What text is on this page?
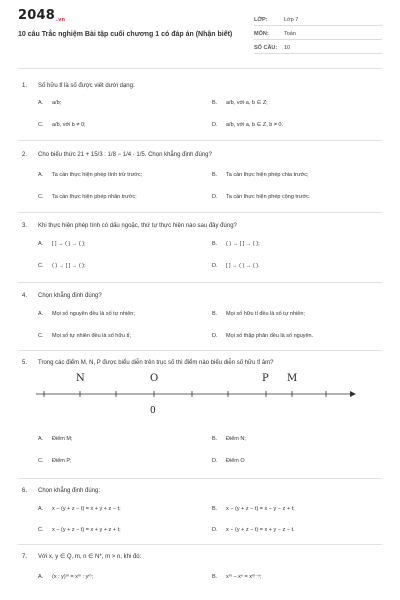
2048.vn
10 câu Trắc nghiệm Bài tập cuối chương 1 có đáp án (Nhận biết)
LỚP:	Lớp 7
MÔN:	Toán
SỐ CÂU: 10
1. Số hữu tỉ là số được viết dưới dạng:
A. a/b;	B. a/b, với a, b ∈ Z;
C. a/b, với b ≠ 0;	D. a/b, với a, b ∈ Z, b ≠ 0.
2. Cho biểu thức 21 + 15/3 : 1/8 − 1/4 · 1/5. Chọn khẳng định đúng?
A. Ta cần thực hiện phép tính trừ trước;	B. Ta cần thực hiện phép chia trước;
C. Ta cần thực hiện phép nhân trước;	D. Ta cần thực hiện phép cộng trước.
3. Khi thực hiện phép tính có dấu ngoặc, thứ tự thực hiện nào sau đây đúng?
A. [ ] → ( ) → { };	B. ( ) → [ ] → { };
C. ( ) → [ ] → ( );	D. [ ] → ( ) → ( ).
4. Chọn khẳng định đúng?
A. Mọi số nguyên đều là số tự nhiên;	B. Mọi số hữu tỉ đều là số tự nhiên;
C. Mọi số tự nhiên đều là số hữu tỉ;	D. Mọi số thập phân đều là số nguyên.
5. Trong các điểm M, N, P được biểu diễn trên trục số thì điểm nào biểu diễn số hữu tỉ âm?
N	O	P M
0
A. Điểm M;	B. Điểm N;
C. Điểm P;	D. Điểm O
6. Chọn khẳng định đúng:
A. x − (y + z − t) = x + y + z − t;	B. x − (y + z − t) = x − y − z + t;
C. x − (y + z − t) = x + y + z + t;	D. x − (y + z − t) = x + y − z − t.
7. Với x, y ∈ Q, m, n ∈ N*, m > n, khi đó:
A. (x : y)ᵐ = xᵐ : yᵐ;	B. xᵐ − xⁿ = xᵐ⁻ⁿ;
